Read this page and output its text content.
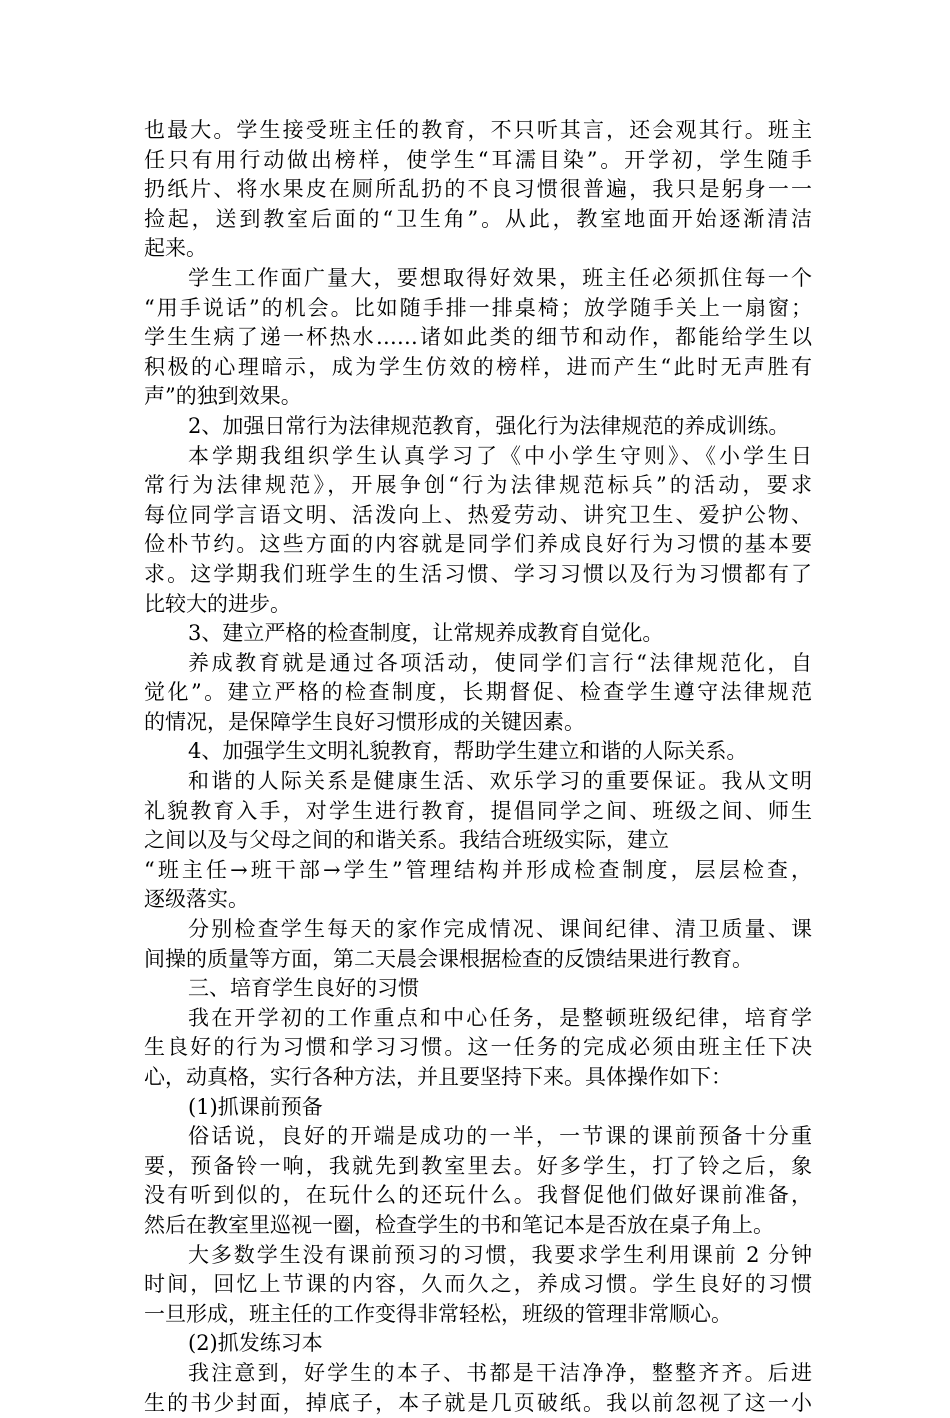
也最大。学生接受班主任的教育，不只听其言，还会观其行。班主
任只有用行动做出榜样，使学生“耳濡目染”。开学初，学生随手
扔纸片、将水果皮在厕所乱扔的不良习惯很普遍，我只是躬身一一
捡起，送到教室后面的“卫生角”。从此，教室地面开始逐渐清洁
起来。
学生工作面广量大，要想取得好效果，班主任必须抓住每一个
“用手说话”的机会。比如随手排一排桌椅；放学随手关上一扇窗；
学生生病了递一杯热水……诸如此类的细节和动作，都能给学生以
积极的心理暗示，成为学生仿效的榜样，进而产生“此时无声胜有
声”的独到效果。
2、加强日常行为法律规范教育，强化行为法律规范的养成训练。
本学期我组织学生认真学习了《中小学生守则》、《小学生日
常行为法律规范》，开展争创“行为法律规范标兵”的活动，要求
每位同学言语文明、活泼向上、热爱劳动、讲究卫生、爱护公物、
俭朴节约。这些方面的内容就是同学们养成良好行为习惯的基本要
求。这学期我们班学生的生活习惯、学习习惯以及行为习惯都有了
比较大的进步。
3、建立严格的检查制度，让常规养成教育自觉化。
养成教育就是通过各项活动，使同学们言行“法律规范化，自
觉化”。建立严格的检查制度，长期督促、检查学生遵守法律规范
的情况，是保障学生良好习惯形成的关键因素。
4、加强学生文明礼貌教育，帮助学生建立和谐的人际关系。
和谐的人际关系是健康生活、欢乐学习的重要保证。我从文明
礼貌教育入手，对学生进行教育，提倡同学之间、班级之间、师生
之间以及与父母之间的和谐关系。我结合班级实际，建立
“班主任→班干部→学生”管理结构并形成检查制度，层层检查，
逐级落实。
分别检查学生每天的家作完成情况、课间纪律、清卫质量、课
间操的质量等方面，第二天晨会课根据检查的反馈结果进行教育。
三、培育学生良好的习惯
我在开学初的工作重点和中心任务，是整顿班级纪律，培育学
生良好的行为习惯和学习习惯。这一任务的完成必须由班主任下决
心，动真格，实行各种方法，并且要坚持下来。具体操作如下：
(1)抓课前预备
俗话说，良好的开端是成功的一半，一节课的课前预备十分重
要，预备铃一响，我就先到教室里去。好多学生，打了铃之后，象
没有听到似的，在玩什么的还玩什么。我督促他们做好课前准备，
然后在教室里巡视一圈，检查学生的书和笔记本是否放在桌子角上。
大多数学生没有课前预习的习惯，我要求学生利用课前 2 分钟
时间，回忆上节课的内容，久而久之，养成习惯。学生良好的习惯
一旦形成，班主任的工作变得非常轻松，班级的管理非常顺心。
(2)抓发练习本
我注意到，好学生的本子、书都是干洁净净，整整齐齐。后进
生的书少封面，掉底子，本子就是几页破纸。我以前忽视了这一小
